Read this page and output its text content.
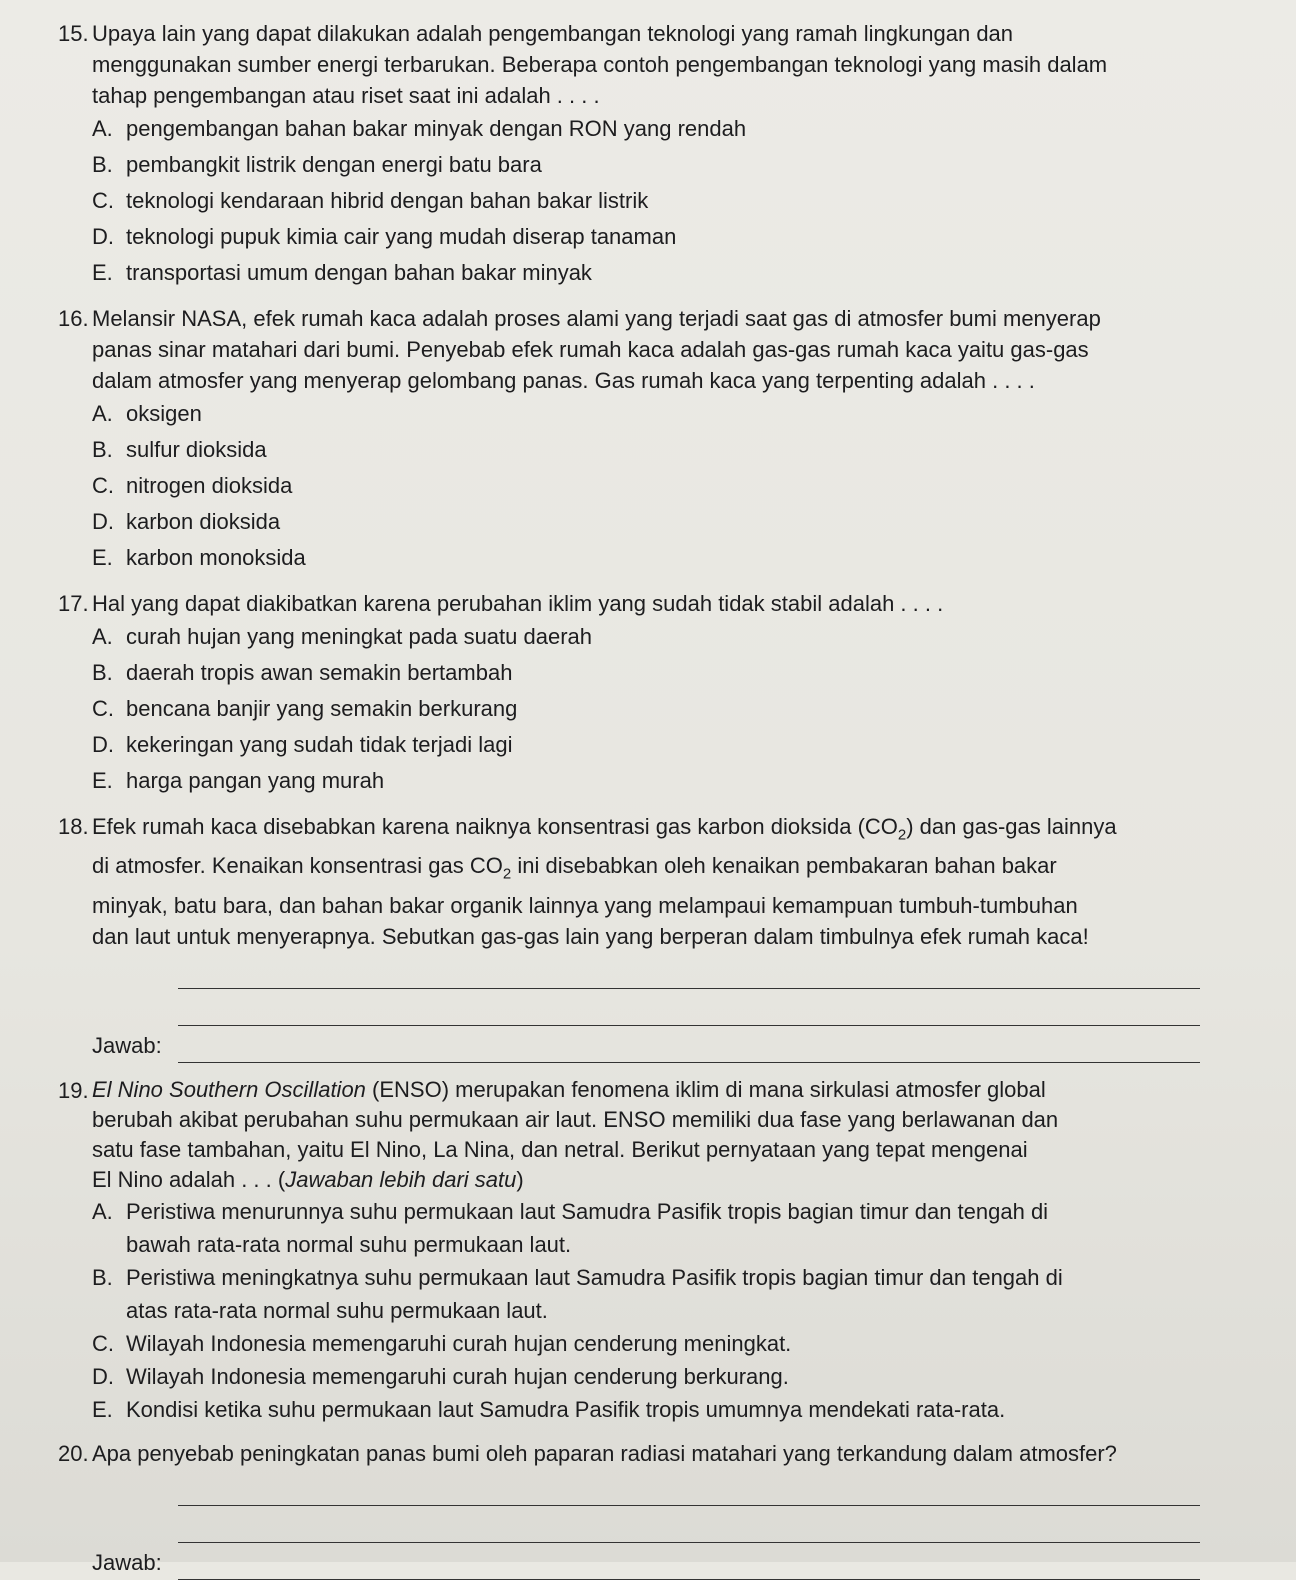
15. Upaya lain yang dapat dilakukan adalah pengembangan teknologi yang ramah lingkungan dan
menggunakan sumber energi terbarukan. Beberapa contoh pengembangan teknologi yang masih dalam
tahap pengembangan atau riset saat ini adalah . . . .
A. pengembangan bahan bakar minyak dengan RON yang rendah
B. pembangkit listrik dengan energi batu bara
C. teknologi kendaraan hibrid dengan bahan bakar listrik
D. teknologi pupuk kimia cair yang mudah diserap tanaman
E. transportasi umum dengan bahan bakar minyak
16. Melansir NASA, efek rumah kaca adalah proses alami yang terjadi saat gas di atmosfer bumi menyerap
panas sinar matahari dari bumi. Penyebab efek rumah kaca adalah gas-gas rumah kaca yaitu gas-gas
dalam atmosfer yang menyerap gelombang panas. Gas rumah kaca yang terpenting adalah . . . .
A. oksigen
B. sulfur dioksida
C. nitrogen dioksida
D. karbon dioksida
E. karbon monoksida
17. Hal yang dapat diakibatkan karena perubahan iklim yang sudah tidak stabil adalah . . . .
A. curah hujan yang meningkat pada suatu daerah
B. daerah tropis awan semakin bertambah
C. bencana banjir yang semakin berkurang
D. kekeringan yang sudah tidak terjadi lagi
E. harga pangan yang murah
18. Efek rumah kaca disebabkan karena naiknya konsentrasi gas karbon dioksida $(CO_2)$ dan gas-gas lainnya
di atmosfer. Kenaikan konsentrasi gas $CO_2$ ini disebabkan oleh kenaikan pembakaran bahan bakar
minyak, batu bara, dan bahan bakar organik lainnya yang melampaui kemampuan tumbuh-tumbuhan
dan laut untuk menyerapnya. Sebutkan gas-gas lain yang berperan dalam timbulnya efek rumah kaca!
Jawab:
19. El Nino Southern Oscillation (ENSO) merupakan fenomena iklim di mana sirkulasi atmosfer global
berubah akibat perubahan suhu permukaan air laut. ENSO memiliki dua fase yang berlawanan dan
satu fase tambahan, yaitu El Nino, La Nina, dan netral. Berikut pernyataan yang tepat mengenai
El Nino adalah . . . (Jawaban lebih dari satu)
A. Peristiwa menurunnya suhu permukaan laut Samudra Pasifik tropis bagian timur dan tengah di
bawah rata-rata normal suhu permukaan laut.
B. Peristiwa meningkatnya suhu permukaan laut Samudra Pasifik tropis bagian timur dan tengah di
atas rata-rata normal suhu permukaan laut.
C. Wilayah Indonesia memengaruhi curah hujan cenderung meningkat.
D. Wilayah Indonesia memengaruhi curah hujan cenderung berkurang.
E. Kondisi ketika suhu permukaan laut Samudra Pasifik tropis umumnya mendekati rata-rata.
20. Apa penyebab peningkatan panas bumi oleh paparan radiasi matahari yang terkandung dalam atmosfer?
Jawab:
